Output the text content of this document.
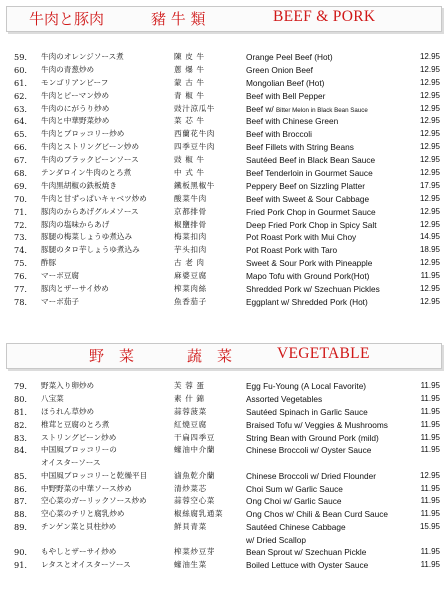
牛肉と豚肉	豬 牛 類	BEEF & PORK
59.	牛肉のオレンジソース煮	陳 皮 牛	Orange Peel Beef (Hot)	12.95
60.	牛肉の青葱炒め	蔥 爆 牛	Green Onion Beef	12.95
61.	モンゴリアンビーフ	蒙 古 牛	Mongolian Beef (Hot)	12.95
62.	牛肉とピーマン炒め	青 椒 牛	Beef with Bell Pepper	12.95
63.	牛肉のにがうり炒め	豉汁涼瓜牛	Beef w/ Bitter Melon in Black Bean Sauce	12.95
64.	牛肉と中華野菜炒め	菜 芯 牛	Beef with Chinese Green	12.95
65.	牛肉とブロッコリー炒め	西蘭花牛肉	Beef with Broccoli	12.95
66.	牛肉とストリングビーン炒め	四季豆牛肉	Beef Fillets with String Beans	12.95
67.	牛肉のブラックビーンソース	豉 椒 牛	Sautéed Beef in Black Bean Sauce	12.95
68.	テンダロイン牛肉のとろ煮	中 式 牛	Beef Tenderloin in Gourmet Sauce	12.95
69.	牛肉黒胡椒の鉄板焼き	鐵板黑椒牛	Peppery Beef on Sizzling Platter	17.95
70.	牛肉と甘ずっぱいキャベツ炒め	酸菜牛肉	Beef with Sweet & Sour Cabbage	12.95
71.	豚肉のからあげグルメソース	京都排骨	Fried Pork Chop in Gourmet Sauce	12.95
72.	豚肉の塩味からあげ	椒鹽排骨	Deep Fried Pork Chop in Spicy Salt	12.95
73.	豚腿の梅菜しょうゆ煮込み	梅菜扣肉	Pot Roast Pork with Mui Choy	14.95
74.	豚腿のタロ芋しょうゆ煮込み	芋头扣肉	Pot Roast Pork with Taro	18.95
75.	酢豚	古 老 肉	Sweet & Sour Pork with Pineapple	12.95
76.	マーボ豆腐	麻婆豆腐	Mapo Tofu with Ground Pork(Hot)	11.95
77.	豚肉とザーサイ炒め	榨菜肉絲	Shredded Pork w/ Szechuan Pickles	12.95
78.	マーボ茄子	魚香茄子	Eggplant w/ Shredded Pork (Hot)	12.95
野　菜	蔬　菜	VEGETABLE
79.	野菜入り卵炒め	芙 蓉 蛋	Egg Fu-Young (A Local Favorite)	11.95
80.	八宝菜	素 什 錦	Assorted Vegetables	11.95
81.	ほうれん草炒め	蒜蓉菠菜	Sautéed Spinach in Garlic Sauce	11.95
82.	椎茸と豆腐のとろ煮	紅燒豆腐	Braised Tofu w/ Veggies & Mushrooms	11.95
83.	ストリングビーン炒め	干扁四季豆	String Bean with Ground Pork (mild)	11.95
84.	中国風ブロッコリーの	蠔油中介蘭	Chinese Broccoli w/ Oyster Sauce	11.95
オイスターソース
85.	中国風ブロッコリーと乾燥平目	滷魚乾介蘭	Chinese Broccoli w/ Dried Flounder	12.95
86.	中野野菜の中華ソース炒め	清炒菜芯	Choi Sum w/ Garlic Sauce	11.95
87.	空心菜のガーリックソース炒め	蒜蓉空心菜	Ong Choi w/ Garlic Sauce	11.95
88.	空心菜のチリと腐乳炒め	椒絲腐乳通菜	Ong Chos w/ Chili & Bean Curd Sauce	11.95
89.	チンゲン菜と貝柱炒め	鮮貝青菜	Sautéed Chinese Cabbage	15.95
w/ Dried Scallop
90.	もやしとザーサイ炒め	榨菜炒豆芽	Bean Sprout w/ Szechuan Pickle	11.95
91.	レタスとオイスターソース	蠔油生菜	Boiled Lettuce with Oyster Sauce	11.95
